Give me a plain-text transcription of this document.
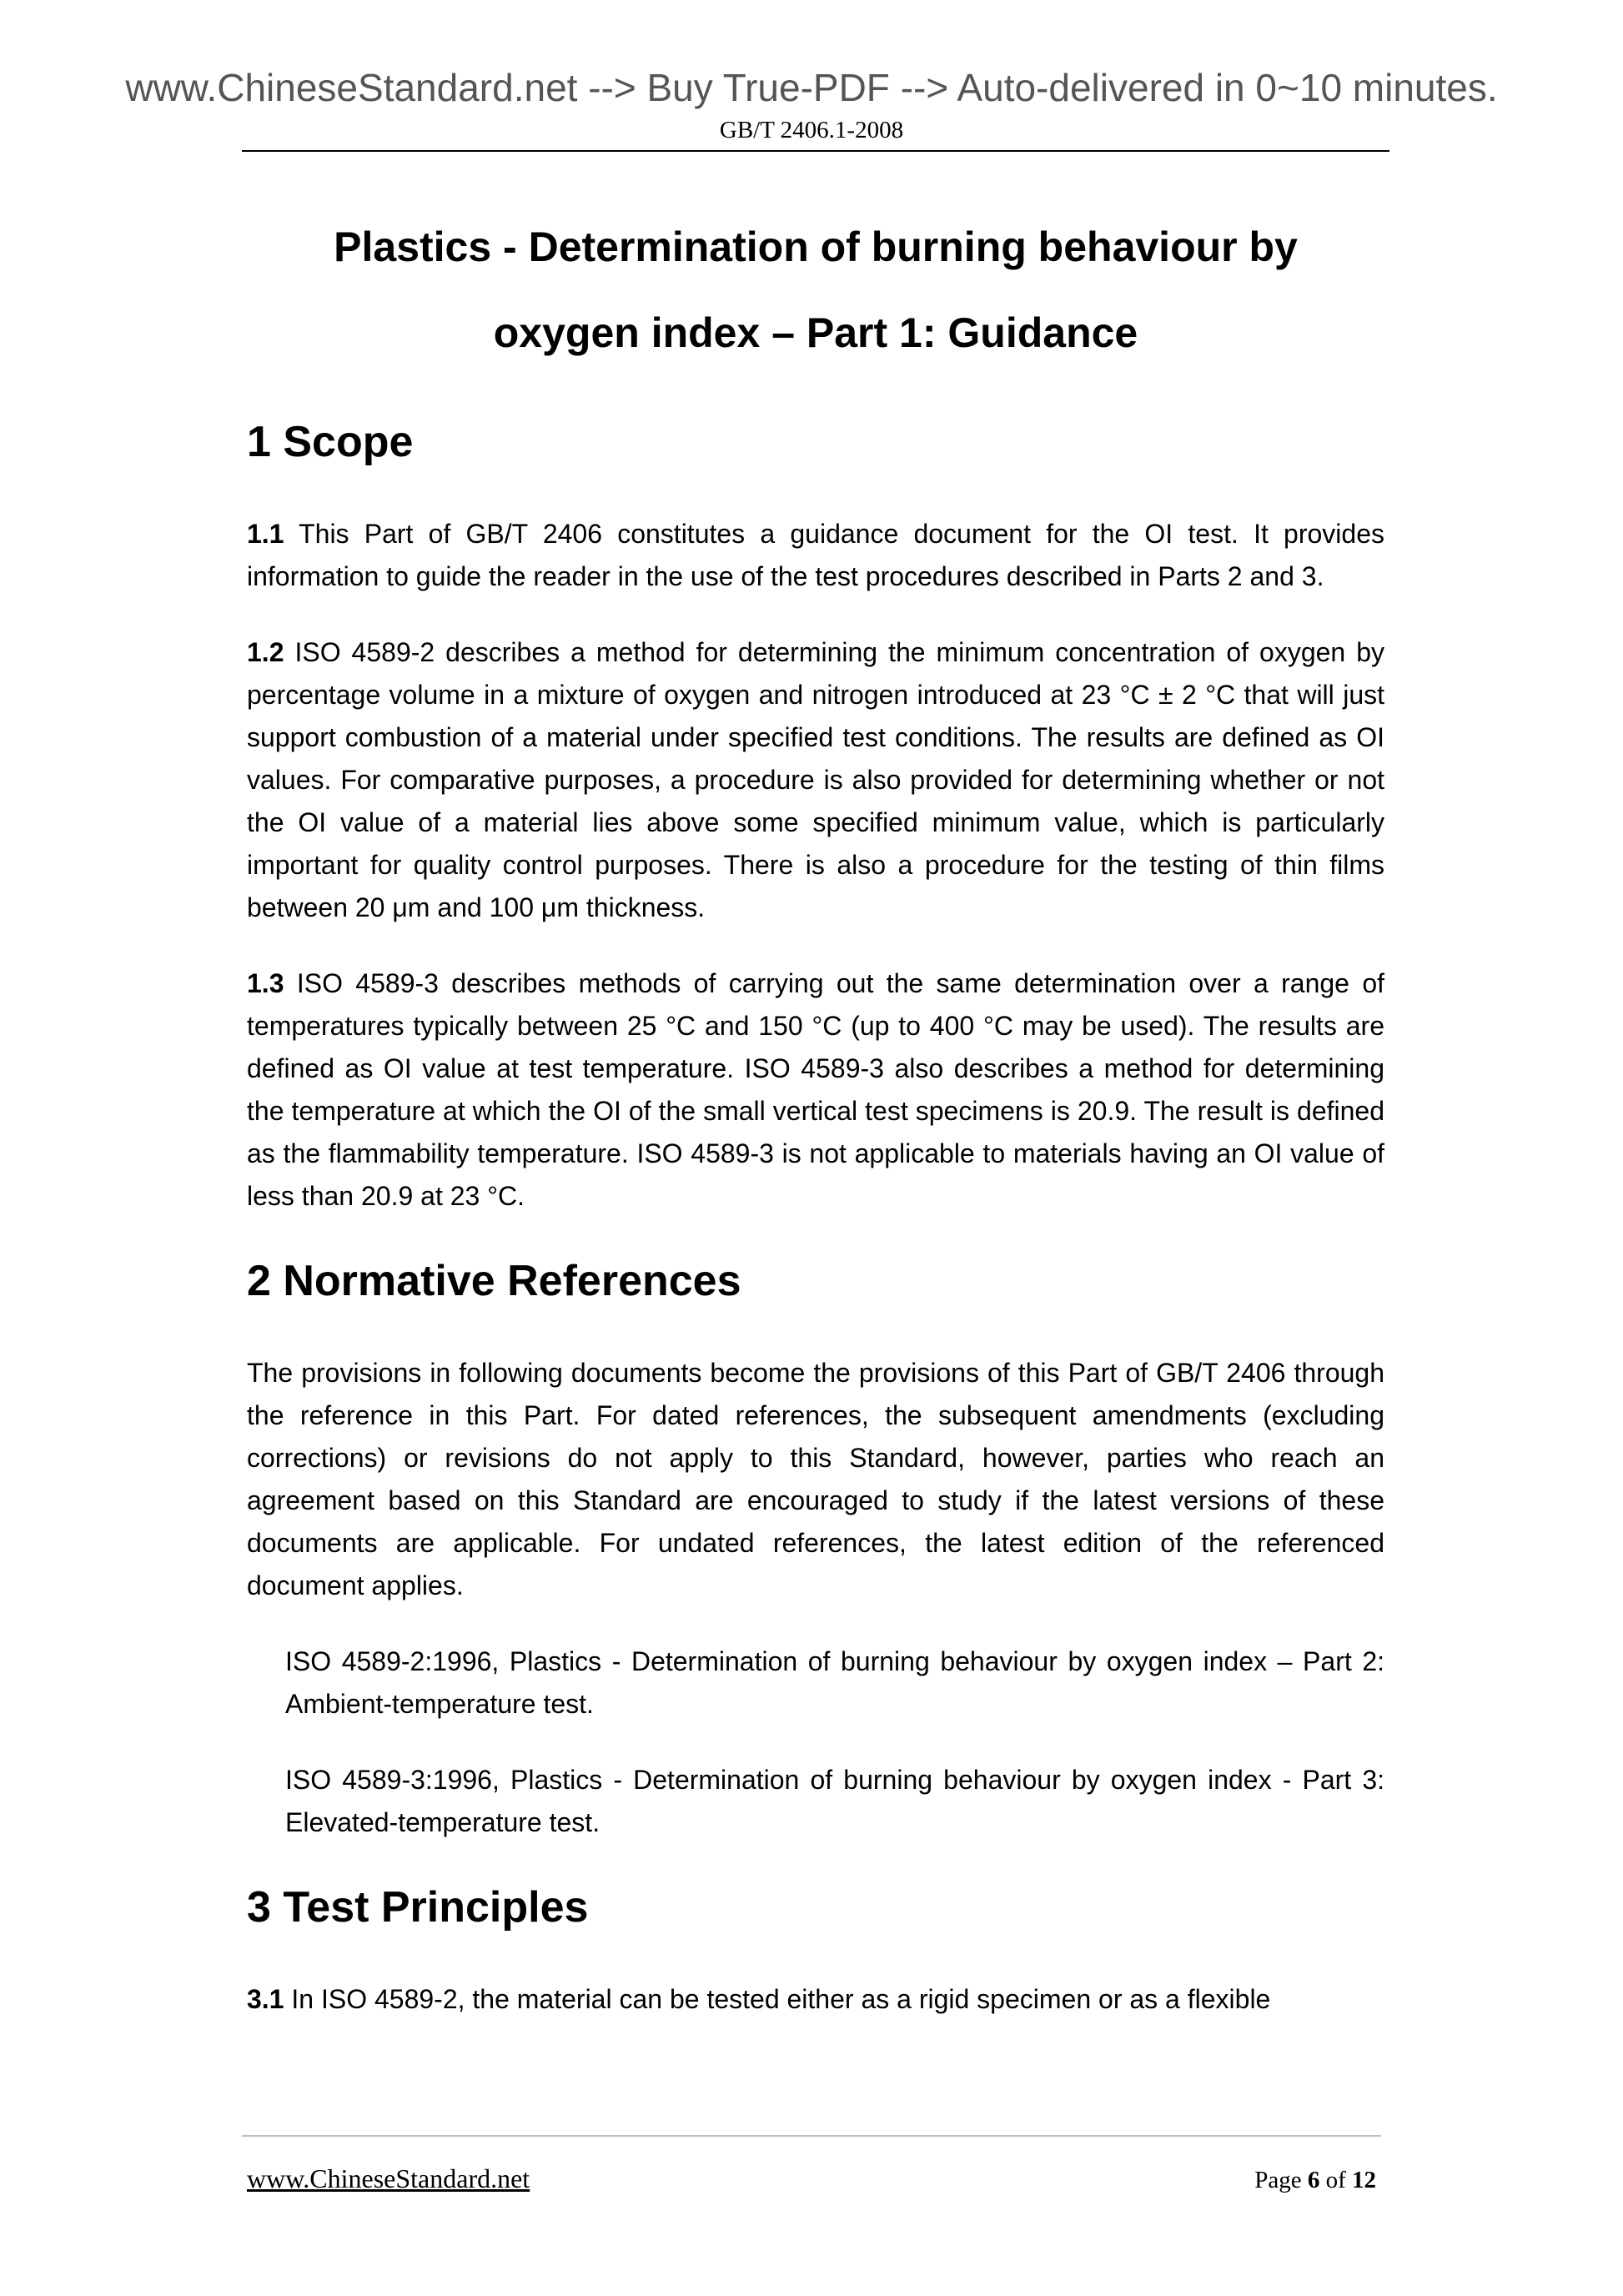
www.ChineseStandard.net --> Buy True-PDF --> Auto-delivered in 0~10 minutes.
GB/T 2406.1-2008
Plastics - Determination of burning behaviour by
oxygen index – Part 1: Guidance
1 Scope

1.1 This Part of GB/T 2406 constitutes a guidance document for the OI test. It provides information to guide the reader in the use of the test procedures described in Parts 2 and 3.

1.2 ISO 4589-2 describes a method for determining the minimum concentration of oxygen by percentage volume in a mixture of oxygen and nitrogen introduced at 23 °C ± 2 °C that will just support combustion of a material under specified test conditions. The results are defined as OI values. For comparative purposes, a procedure is also provided for determining whether or not the OI value of a material lies above some specified minimum value, which is particularly important for quality control purposes. There is also a procedure for the testing of thin films between 20 μm and 100 μm thickness.

1.3 ISO 4589-3 describes methods of carrying out the same determination over a range of temperatures typically between 25 °C and 150 °C (up to 400 °C may be used). The results are defined as OI value at test temperature. ISO 4589-3 also describes a method for determining the temperature at which the OI of the small vertical test specimens is 20.9. The result is defined as the flammability temperature. ISO 4589-3 is not applicable to materials having an OI value of less than 20.9 at 23 °C.

2 Normative References

The provisions in following documents become the provisions of this Part of GB/T 2406 through the reference in this Part. For dated references, the subsequent amendments (excluding corrections) or revisions do not apply to this Standard, however, parties who reach an agreement based on this Standard are encouraged to study if the latest versions of these documents are applicable. For undated references, the latest edition of the referenced document applies.

ISO 4589-2:1996, Plastics - Determination of burning behaviour by oxygen index – Part 2: Ambient-temperature test.

ISO 4589-3:1996, Plastics - Determination of burning behaviour by oxygen index - Part 3: Elevated-temperature test.

3 Test Principles

3.1 In ISO 4589-2, the material can be tested either as a rigid specimen or as a flexible

www.ChineseStandard.net	Page 6 of 12
